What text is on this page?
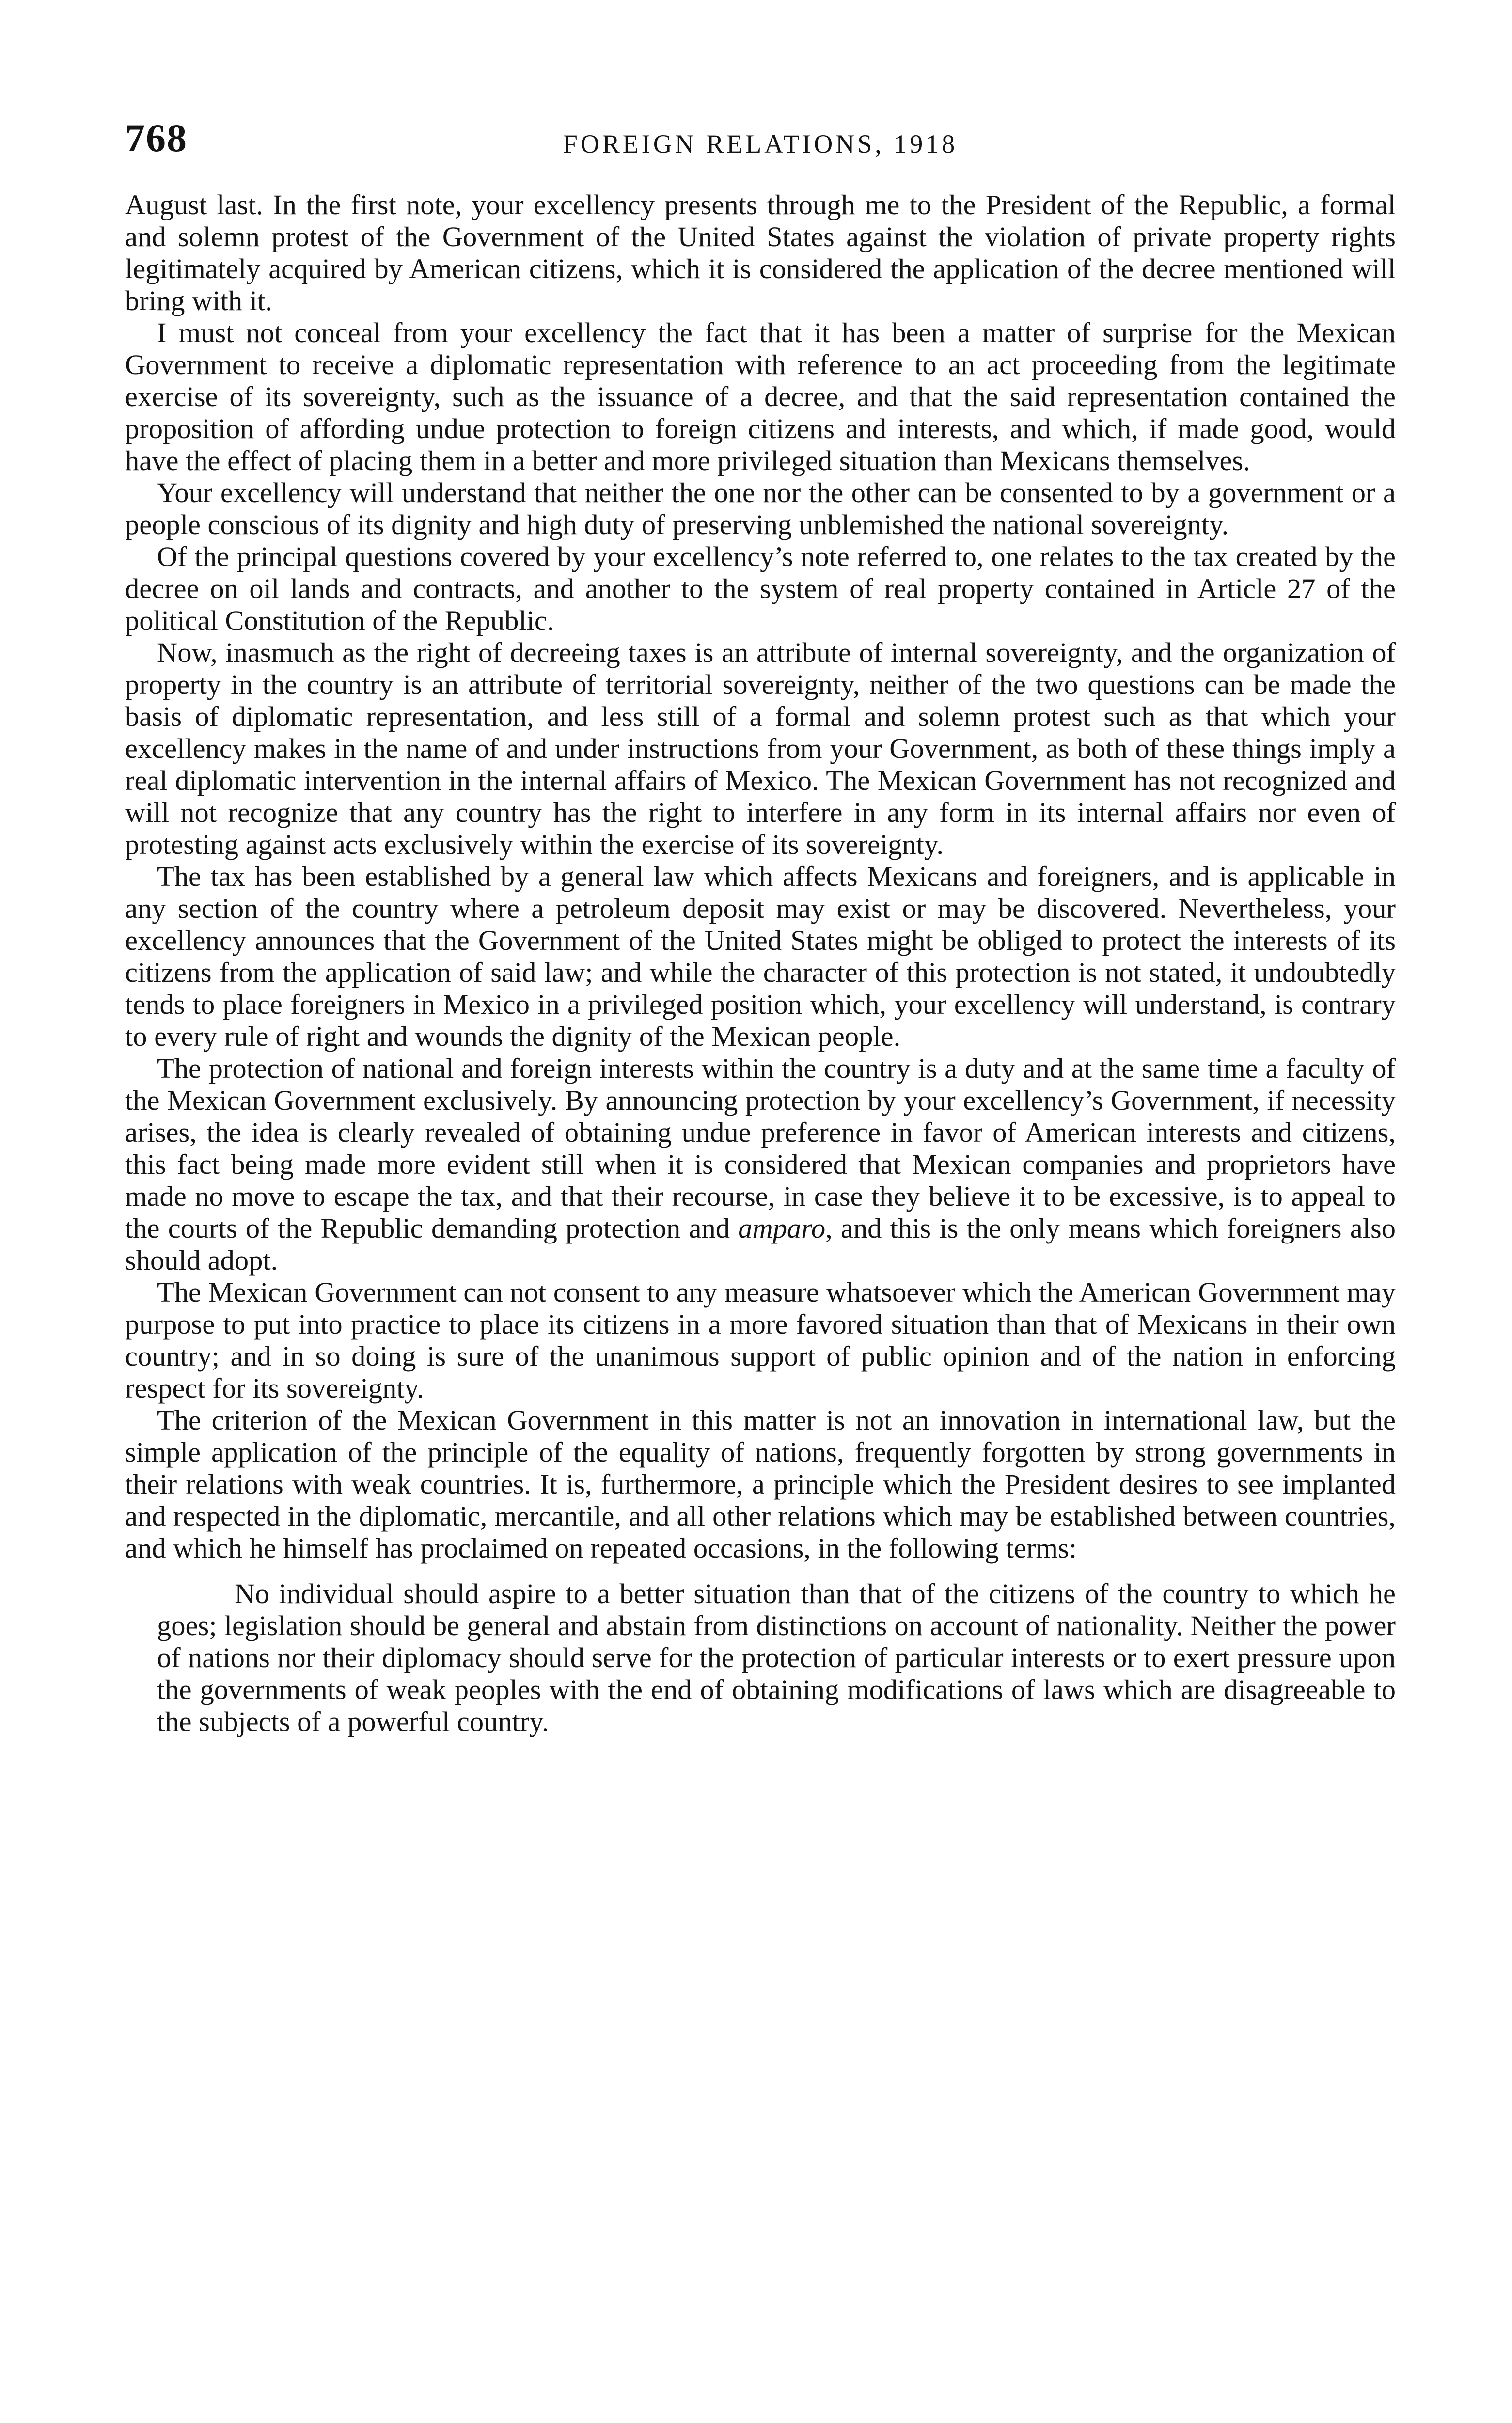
768	FOREIGN RELATIONS, 1918

August last. In the first note, your excellency presents through me to the President of the Republic, a formal and solemn protest of the Government of the United States against the violation of private property rights legitimately acquired by American citizens, which it is considered the application of the decree mentioned will bring with it.

I must not conceal from your excellency the fact that it has been a matter of surprise for the Mexican Government to receive a diplomatic representation with reference to an act proceeding from the legitimate exercise of its sovereignty, such as the issuance of a decree, and that the said representation contained the proposition of affording undue protection to foreign citizens and interests, and which, if made good, would have the effect of placing them in a better and more privileged situation than Mexicans themselves.

Your excellency will understand that neither the one nor the other can be consented to by a government or a people conscious of its dignity and high duty of preserving unblemished the national sovereignty.

Of the principal questions covered by your excellency’s note referred to, one relates to the tax created by the decree on oil lands and contracts, and another to the system of real property contained in Article 27 of the political Constitution of the Republic.

Now, inasmuch as the right of decreeing taxes is an attribute of internal sovereignty, and the organization of property in the country is an attribute of territorial sovereignty, neither of the two questions can be made the basis of diplomatic representation, and less still of a formal and solemn protest such as that which your excellency makes in the name of and under instructions from your Government, as both of these things imply a real diplomatic intervention in the internal affairs of Mexico. The Mexican Government has not recognized and will not recognize that any country has the right to interfere in any form in its internal affairs nor even of protesting against acts exclusively within the exercise of its sovereignty.

The tax has been established by a general law which affects Mexicans and foreigners, and is applicable in any section of the country where a petroleum deposit may exist or may be discovered. Nevertheless, your excellency announces that the Government of the United States might be obliged to protect the interests of its citizens from the application of said law; and while the character of this protection is not stated, it undoubtedly tends to place foreigners in Mexico in a privileged position which, your excellency will understand, is contrary to every rule of right and wounds the dignity of the Mexican people.

The protection of national and foreign interests within the country is a duty and at the same time a faculty of the Mexican Government exclusively. By announcing protection by your excellency’s Government, if necessity arises, the idea is clearly revealed of obtaining undue preference in favor of American interests and citizens, this fact being made more evident still when it is considered that Mexican companies and proprietors have made no move to escape the tax, and that their recourse, in case they believe it to be excessive, is to appeal to the courts of the Republic demanding protection and amparo, and this is the only means which foreigners also should adopt.

The Mexican Government can not consent to any measure whatsoever which the American Government may purpose to put into practice to place its citizens in a more favored situation than that of Mexicans in their own country; and in so doing is sure of the unanimous support of public opinion and of the nation in enforcing respect for its sovereignty.

The criterion of the Mexican Government in this matter is not an innovation in international law, but the simple application of the principle of the equality of nations, frequently forgotten by strong governments in their relations with weak countries. It is, furthermore, a principle which the President desires to see implanted and respected in the diplomatic, mercantile, and all other relations which may be established between countries, and which he himself has proclaimed on repeated occasions, in the following terms:

No individual should aspire to a better situation than that of the citizens of the country to which he goes; legislation should be general and abstain from distinctions on account of nationality. Neither the power of nations nor their diplomacy should serve for the protection of particular interests or to exert pressure upon the governments of weak peoples with the end of obtaining modifications of laws which are disagreeable to the subjects of a powerful country.
